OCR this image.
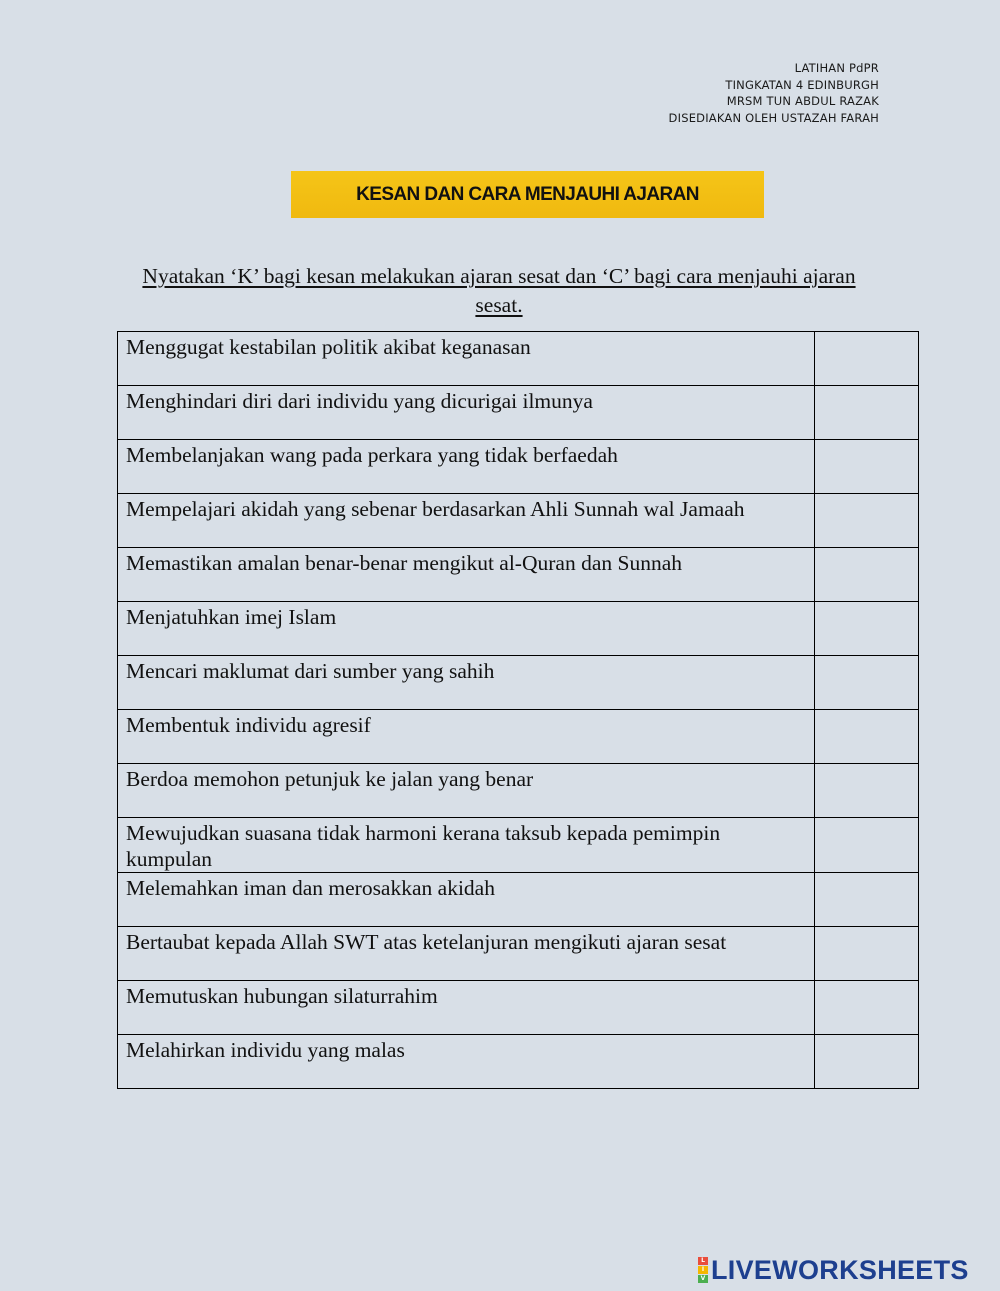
LATIHAN PdPR
TINGKATAN 4 EDINBURGH
MRSM TUN ABDUL RAZAK
DISEDIAKAN OLEH USTAZAH FARAH
KESAN DAN CARA MENJAUHI AJARAN
Nyatakan ‘K’ bagi kesan melakukan ajaran sesat dan ‘C’ bagi cara menjauhi ajaran sesat.
Menggugat kestabilan politik akibat keganasan	

Menghindari diri dari individu yang dicurigai ilmunya	

Membelanjakan wang pada perkara yang tidak berfaedah	

Mempelajari akidah yang sebenar berdasarkan Ahli Sunnah wal Jamaah	

Memastikan amalan benar-benar mengikut al-Quran dan Sunnah	

Menjatuhkan imej Islam	

Mencari maklumat dari sumber yang sahih	

Membentuk individu agresif	

Berdoa memohon petunjuk ke jalan yang benar	

Mewujudkan suasana tidak harmoni kerana taksub kepada pemimpin kumpulan	

Melemahkan iman dan merosakkan akidah	

Bertaubat kepada Allah SWT atas ketelanjuran mengikuti ajaran sesat	

Memutuskan hubungan silaturrahim	

Melahirkan individu yang malas	
L
I
V LIVEWORKSHEETS
